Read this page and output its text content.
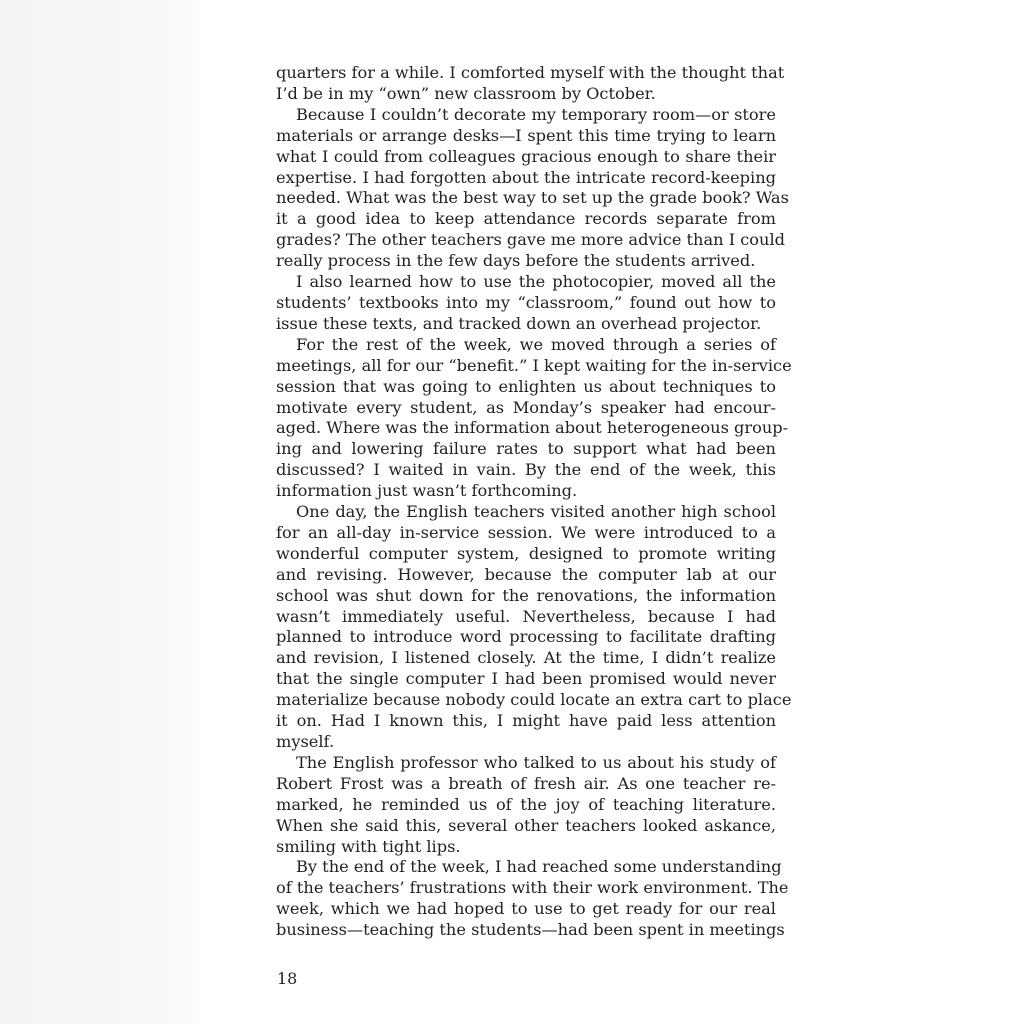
quarters for a while. I comforted myself with the thought that
I’d be in my “own” new classroom by October.
Because I couldn’t decorate my temporary room—or store
materials or arrange desks—I spent this time trying to learn
what I could from colleagues gracious enough to share their
expertise. I had forgotten about the intricate record-keeping
needed. What was the best way to set up the grade book? Was
it a good idea to keep attendance records separate from
grades? The other teachers gave me more advice than I could
really process in the few days before the students arrived.
I also learned how to use the photocopier, moved all the
students’ textbooks into my “classroom,” found out how to
issue these texts, and tracked down an overhead projector.
For the rest of the week, we moved through a series of
meetings, all for our “benefit.” I kept waiting for the in-service
session that was going to enlighten us about techniques to
motivate every student, as Monday’s speaker had encour-
aged. Where was the information about heterogeneous group-
ing and lowering failure rates to support what had been
discussed? I waited in vain. By the end of the week, this
information just wasn’t forthcoming.
One day, the English teachers visited another high school
for an all-day in-service session. We were introduced to a
wonderful computer system, designed to promote writing
and revising. However, because the computer lab at our
school was shut down for the renovations, the information
wasn’t immediately useful. Nevertheless, because I had
planned to introduce word processing to facilitate drafting
and revision, I listened closely. At the time, I didn’t realize
that the single computer I had been promised would never
materialize because nobody could locate an extra cart to place
it on. Had I known this, I might have paid less attention
myself.
The English professor who talked to us about his study of
Robert Frost was a breath of fresh air. As one teacher re-
marked, he reminded us of the joy of teaching literature.
When she said this, several other teachers looked askance,
smiling with tight lips.
By the end of the week, I had reached some understanding
of the teachers’ frustrations with their work environment. The
week, which we had hoped to use to get ready for our real
business—teaching the students—had been spent in meetings
18
